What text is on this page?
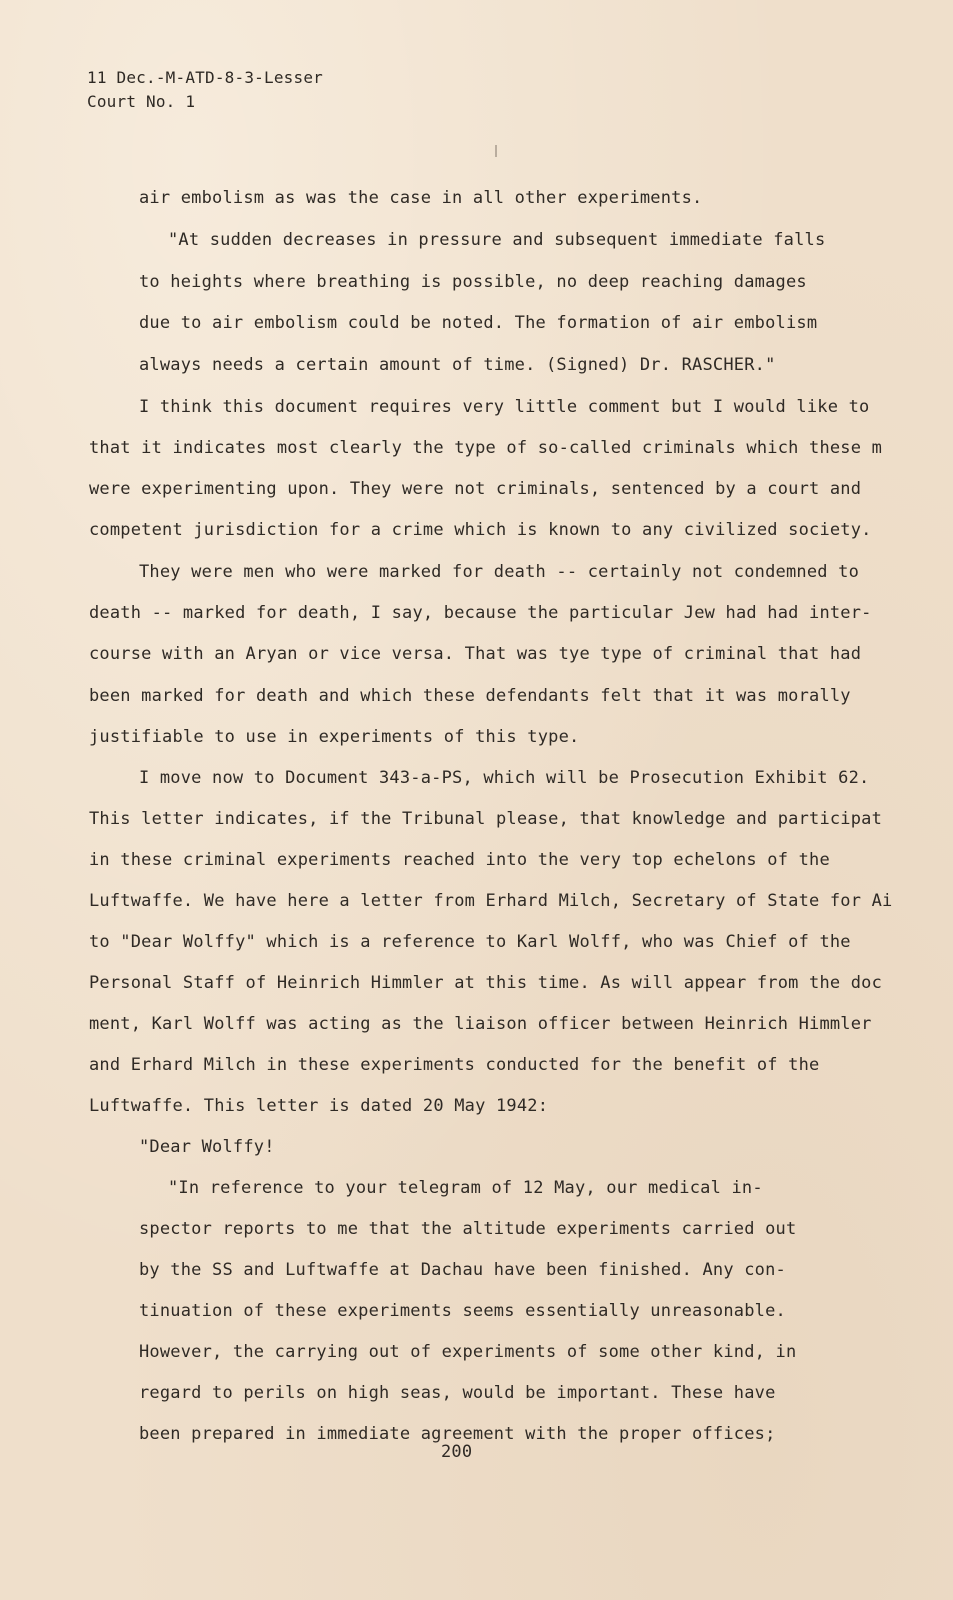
11 Dec.-M-ATD-8-3-Lesser
Court No. 1
air embolism as was the case in all other experiments.
"At sudden decreases in pressure and subsequent immediate falls
to heights where breathing is possible, no deep reaching damages
due to air embolism could be noted. The formation of air embolism
always needs a certain amount of time. (Signed) Dr. RASCHER."
I think this document requires very little comment but I would like to
that it indicates most clearly the type of so-called criminals which these m
were experimenting upon. They were not criminals, sentenced by a court and
competent jurisdiction for a crime which is known to any civilized society.
They were men who were marked for death -- certainly not condemned to
death -- marked for death, I say, because the particular Jew had had inter-
course with an Aryan or vice versa. That was tye type of criminal that had
been marked for death and which these defendants felt that it was morally
justifiable to use in experiments of this type.
I move now to Document 343-a-PS, which will be Prosecution Exhibit 62.
This letter indicates, if the Tribunal please, that knowledge and participat
in these criminal experiments reached into the very top echelons of the
Luftwaffe. We have here a letter from Erhard Milch, Secretary of State for Ai
to "Dear Wolffy" which is a reference to Karl Wolff, who was Chief of the
Personal Staff of Heinrich Himmler at this time. As will appear from the doc
ment, Karl Wolff was acting as the liaison officer between Heinrich Himmler
and Erhard Milch in these experiments conducted for the benefit of the
Luftwaffe. This letter is dated 20 May 1942:
"Dear Wolffy!
"In reference to your telegram of 12 May, our medical in-
spector reports to me that the altitude experiments carried out
by the SS and Luftwaffe at Dachau have been finished. Any con-
tinuation of these experiments seems essentially unreasonable.
However, the carrying out of experiments of some other kind, in
regard to perils on high seas, would be important. These have
been prepared in immediate agreement with the proper offices;
200
